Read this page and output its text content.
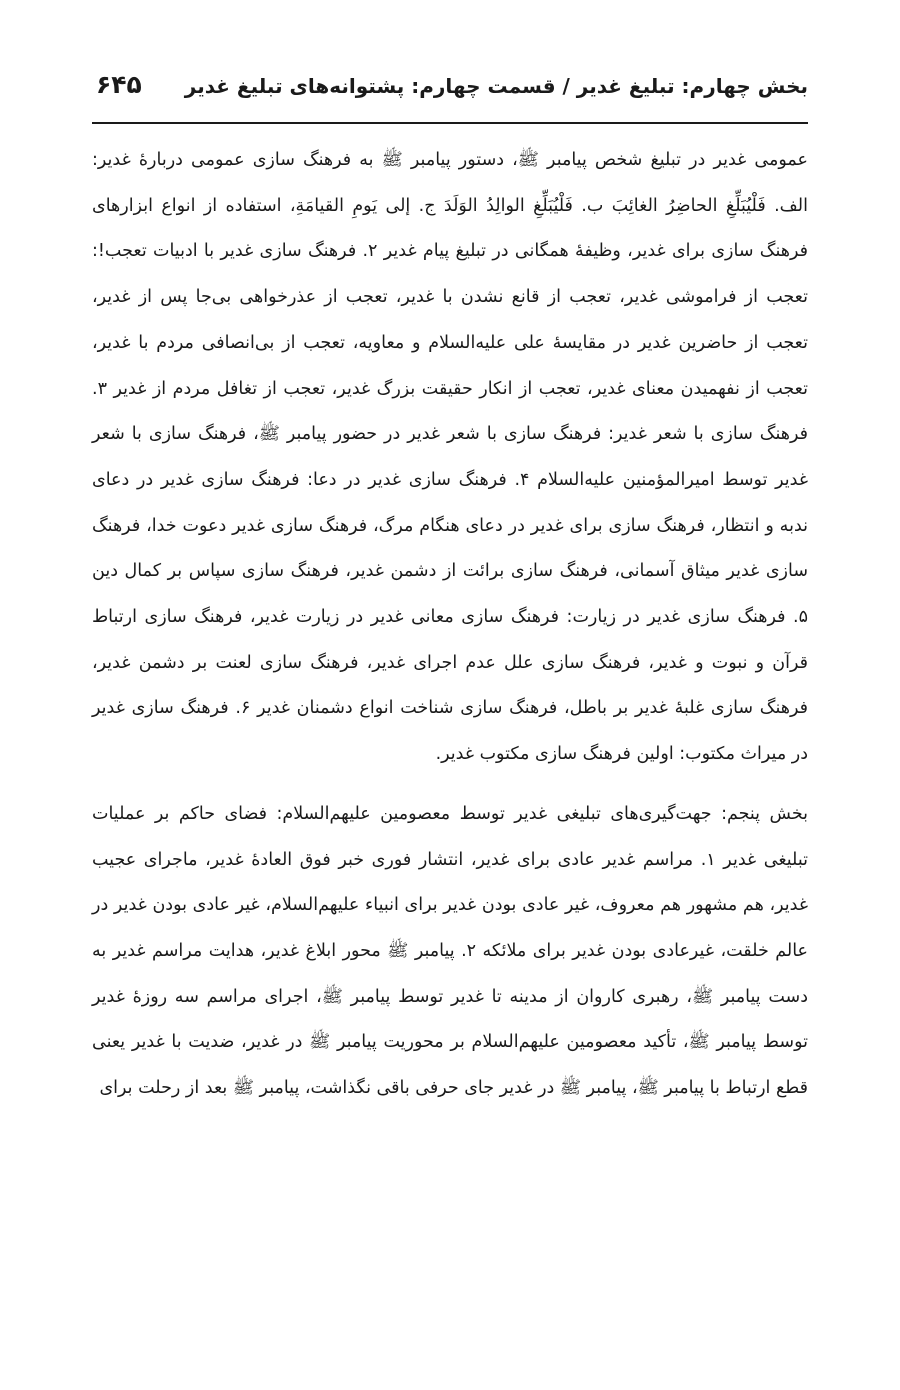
بخش چهارم: تبلیغ غدیر / قسمت چهارم: پشتوانه‌های تبلیغ غدیر
۶۴۵

عمومی غدیر در تبلیغ شخص پیامبر ﷺ، دستور پیامبر ﷺ به فرهنگ سازی عمومی دربارۀ غدیر: الف. فَلْیُبَلِّغِ الحاضِرُ الغائِبَ ب. فَلْیُبَلِّغِ الوالِدُ الوَلَدَ ج. إلی یَومِ القیامَةِ، استفاده از انواع ابزارهای فرهنگ سازی برای غدیر، وظیفۀ همگانی در تبلیغ پیام غدیر ۲. فرهنگ سازی غدیر با ادبیات تعجب!: تعجب از فراموشی غدیر، تعجب از قانع نشدن با غدیر، تعجب از عذرخواهی بی‌جا پس از غدیر، تعجب از حاضرین غدیر در مقایسۀ علی علیه‌السلام و معاویه، تعجب از بی‌انصافی مردم با غدیر، تعجب از نفهمیدن معنای غدیر، تعجب از انکار حقیقت بزرگ غدیر، تعجب از تغافل مردم از غدیر ۳. فرهنگ سازی با شعر غدیر: فرهنگ سازی با شعر غدیر در حضور پیامبر ﷺ، فرهنگ سازی با شعر غدیر توسط امیرالمؤمنین علیه‌السلام ۴. فرهنگ سازی غدیر در دعا: فرهنگ سازی غدیر در دعای ندبه و انتظار، فرهنگ سازی برای غدیر در دعای هنگام مرگ، فرهنگ سازی غدیر دعوت خدا، فرهنگ سازی غدیر میثاق آسمانی، فرهنگ سازی برائت از دشمن غدیر، فرهنگ سازی سپاس بر کمال دین ۵. فرهنگ سازی غدیر در زیارت: فرهنگ سازی معانی غدیر در زیارت غدیر، فرهنگ سازی ارتباط قرآن و نبوت و غدیر، فرهنگ سازی علل عدم اجرای غدیر، فرهنگ سازی لعنت بر دشمن غدیر، فرهنگ سازی غلبۀ غدیر بر باطل، فرهنگ سازی شناخت انواع دشمنان غدیر ۶. فرهنگ سازی غدیر در میراث مکتوب: اولین فرهنگ سازی مکتوب غدیر.

بخش پنجم: جهت‌گیری‌های تبلیغی غدیر توسط معصومین علیهم‌السلام: فضای حاکم بر عملیات تبلیغی غدیر ۱. مراسم غدیر عادی برای غدیر، انتشار فوری خبر فوق العادۀ غدیر، ماجرای عجیب غدیر، هم مشهور هم معروف، غیر عادی بودن غدیر برای انبیاء علیهم‌السلام، غیر عادی بودن غدیر در عالم خلقت، غیرعادی بودن غدیر برای ملائکه ۲. پیامبر ﷺ محور ابلاغ غدیر، هدایت مراسم غدیر به دست پیامبر ﷺ، رهبری کاروان از مدینه تا غدیر توسط پیامبر ﷺ، اجرای مراسم سه روزۀ غدیر توسط پیامبر ﷺ، تأکید معصومین علیهم‌السلام بر محوریت پیامبر ﷺ در غدیر، ضدیت با غدیر یعنی قطع ارتباط با پیامبر ﷺ، پیامبر ﷺ در غدیر جای حرفی باقی نگذاشت، پیامبر ﷺ بعد از رحلت برای
